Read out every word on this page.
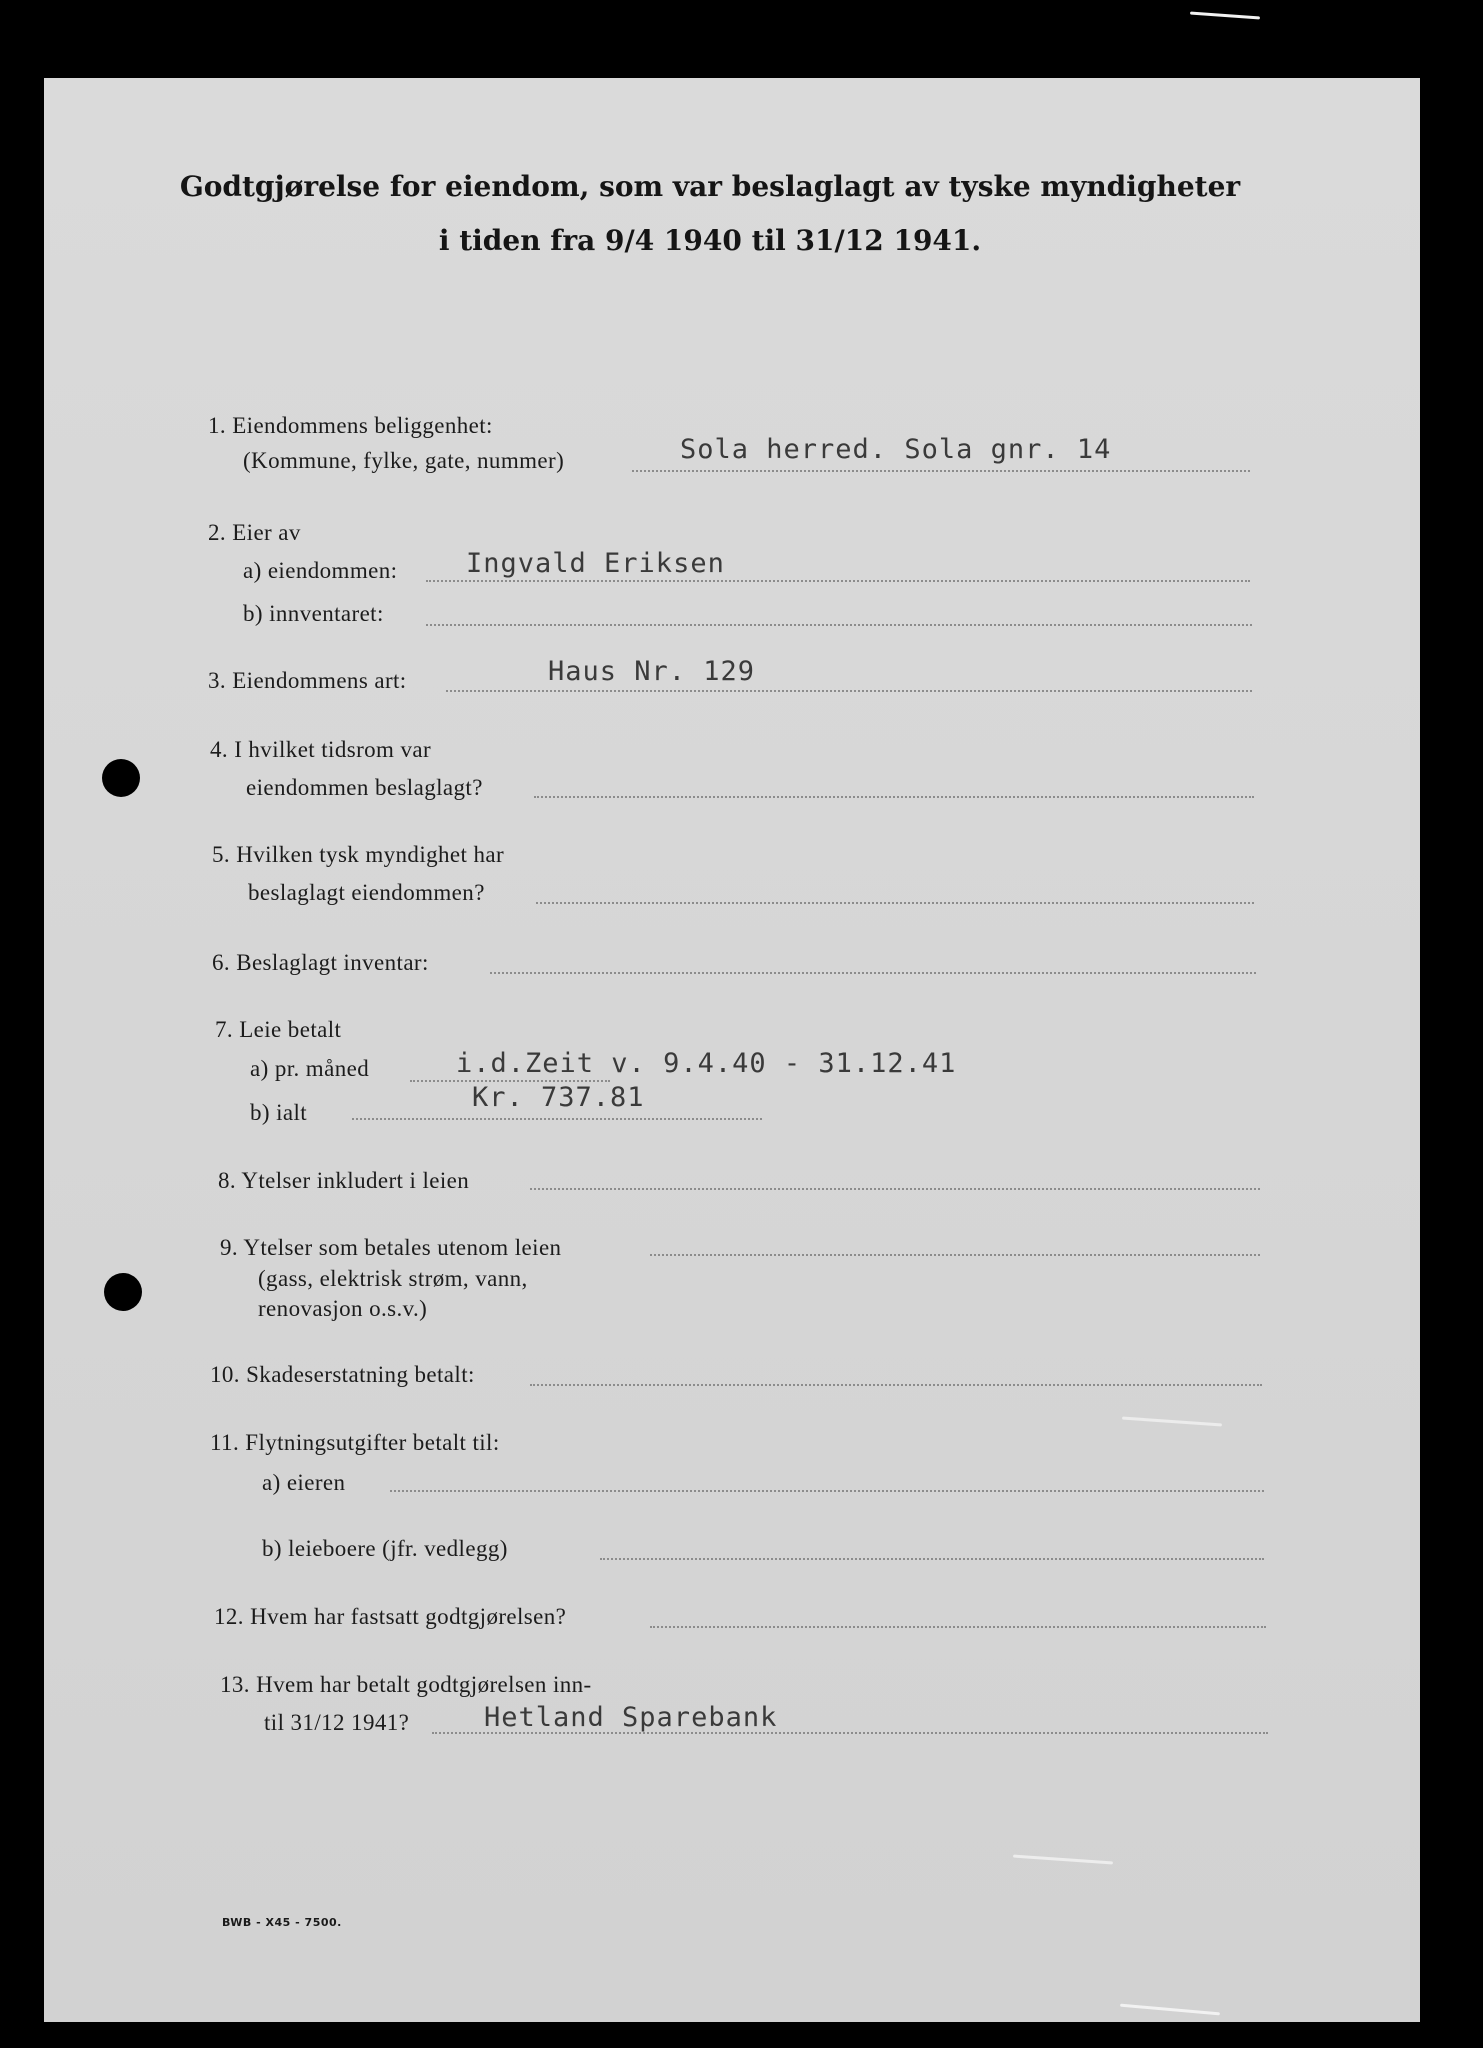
Godtgjørelse for eiendom, som var beslaglagt av tyske myndigheter
i tiden fra 9/4 1940 til 31/12 1941.
1. Eiendommens beliggenhet:
(Kommune, fylke, gate, nummer)	Sola herred. Sola gnr. 14
2. Eier av
a) eiendommen:	Ingvald Eriksen
b) innventaret:
3. Eiendommens art:	Haus Nr. 129
4. I hvilket tidsrom var
eiendommen beslaglagt?
5. Hvilken tysk myndighet har
beslaglagt eiendommen?
6. Beslaglagt inventar:
7. Leie betalt
a) pr. måned	i.d.Zeit v. 9.4.40 - 31.12.41
b) ialt	Kr. 737.81
8. Ytelser inkludert i leien
9. Ytelser som betales utenom leien
(gass, elektrisk strøm, vann,
renovasjon o.s.v.)
10. Skadeserstatning betalt:
11. Flytningsutgifter betalt til:
a) eieren
b) leieboere (jfr. vedlegg)
12. Hvem har fastsatt godtgjørelsen?
13. Hvem har betalt godtgjørelsen inn-
til 31/12 1941?	Hetland Sparebank
BWB - X45 - 7500.
